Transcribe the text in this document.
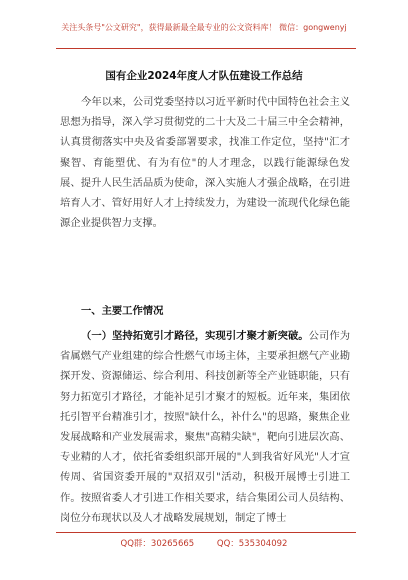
关注头条号"公文研究"，获得最新最全最专业的公文资料库！ 微信：gongwenyj
国有企业2024年度人才队伍建设工作总结

今年以来，公司党委坚持以习近平新时代中国特色社会主义思想为指导，深入学习贯彻党的二十大及二十届三中全会精神，认真贯彻落实中央及省委部署要求，找准工作定位，坚持"汇才聚智、育能塑优、有为有位"的人才理念，以践行能源绿色发展、提升人民生活品质为使命，深入实施人才强企战略，在引进培育人才、管好用好人才上持续发力，为建设一流现代化绿色能源企业提供智力支撑。

一、主要工作情况

（一）坚持拓宽引才路径，实现引才聚才新突破。公司作为省属燃气产业组建的综合性燃气市场主体，主要承担燃气产业勘探开发、资源储运、综合利用、科技创新等全产业链职能，只有努力拓宽引才路径，才能补足引才聚才的短板。近年来，集团依托引智平台精准引才，按照"缺什么，补什么"的思路，聚焦企业发展战略和产业发展需求，聚焦"高精尖缺"，靶向引进层次高、专业精的人才，依托省委组织部开展的"人到我省好风光"人才宣传周、省国资委开展的"双招双引"活动，积极开展博士引进工作。按照省委人才引进工作相关要求，结合集团公司人员结构、岗位分布现状以及人才战略发展规划，制定了博士

QQ群：30265665	QQ：535304092
